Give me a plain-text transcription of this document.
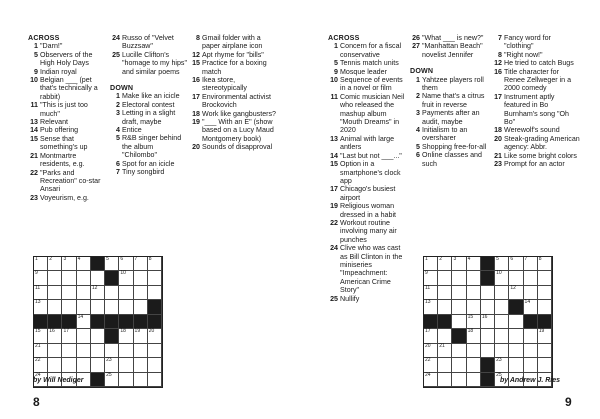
ACROSS
1 "Darn!"
5 Observers of the High Holy Days
9 Indian royal
10 Belgian ___ (pet that's technically a rabbit)
11 "This is just too much"
13 Relevant
14 Pub offering
15 Sense that something's up
21 Montmartre residents, e.g.
22 "Parks and Recreation" co-star Ansari
23 Voyeurism, e.g.
24 Russo of "Velvet Buzzsaw"
25 Lucille Clifton's "homage to my hips" and similar poems
DOWN
1 Make like an icicle
2 Electoral contest
3 Letting in a slight draft, maybe
4 Entice
5 R&B singer behind the album "Chilombo"
6 Spot for an icicle
7 Tiny songbird
8 Gmail folder with a paper airplane icon
12 Apt rhyme for "bills"
15 Practice for a boxing match
16 Ikea store, stereotypically
17 Environmental activist Brockovich
18 Work like gangbusters?
19 "___ With an E" (show based on a Lucy Maud Montgomery book)
20 Sounds of disapproval
1 2 3 4	5 6 7 8
9	10
11	12
13
14
15 16 17	18 19 20
21
22	23
24	25
by Will Nediger
8
ACROSS
1 Concern for a fiscal conservative
5 Tennis match units
9 Mosque leader
10 Sequence of events in a novel or film
11 Comic musician Neil who released the mashup album "Mouth Dreams" in 2020
13 Animal with large antlers
14 "Last but not ___..."
15 Option in a smartphone's clock app
17 Chicago's busiest airport
19 Religious woman dressed in a habit
22 Workout routine involving many air punches
24 Clive who was cast as Bill Clinton in the miniseries "Impeachment: American Crime Story"
25 Nullify
26 "What ___ is new?"
27 "Manhattan Beach" novelist Jennifer
DOWN
1 Yahtzee players roll them
2 Name that's a citrus fruit in reverse
3 Payments after an audit, maybe
4 Initialism to an oversharer
5 Shopping free-for-all
6 Online classes and such
7 Fancy word for "clothing"
8 "Right now!"
12 He tried to catch Bugs
16 Title character for Renee Zellweger in a 2000 comedy
17 Instrument aptly featured in Bo Burnham's song "Oh Bo"
18 Werewolf's sound
20 Steak-grading American agency: Abbr.
21 Like some bright colors
23 Prompt for an actor
1 2 3 4	5 6 7 8
9	10
11	12
13	14
15 16
17	18	19
20 21
22	23
24	25
by Andrew J. Ries
9
